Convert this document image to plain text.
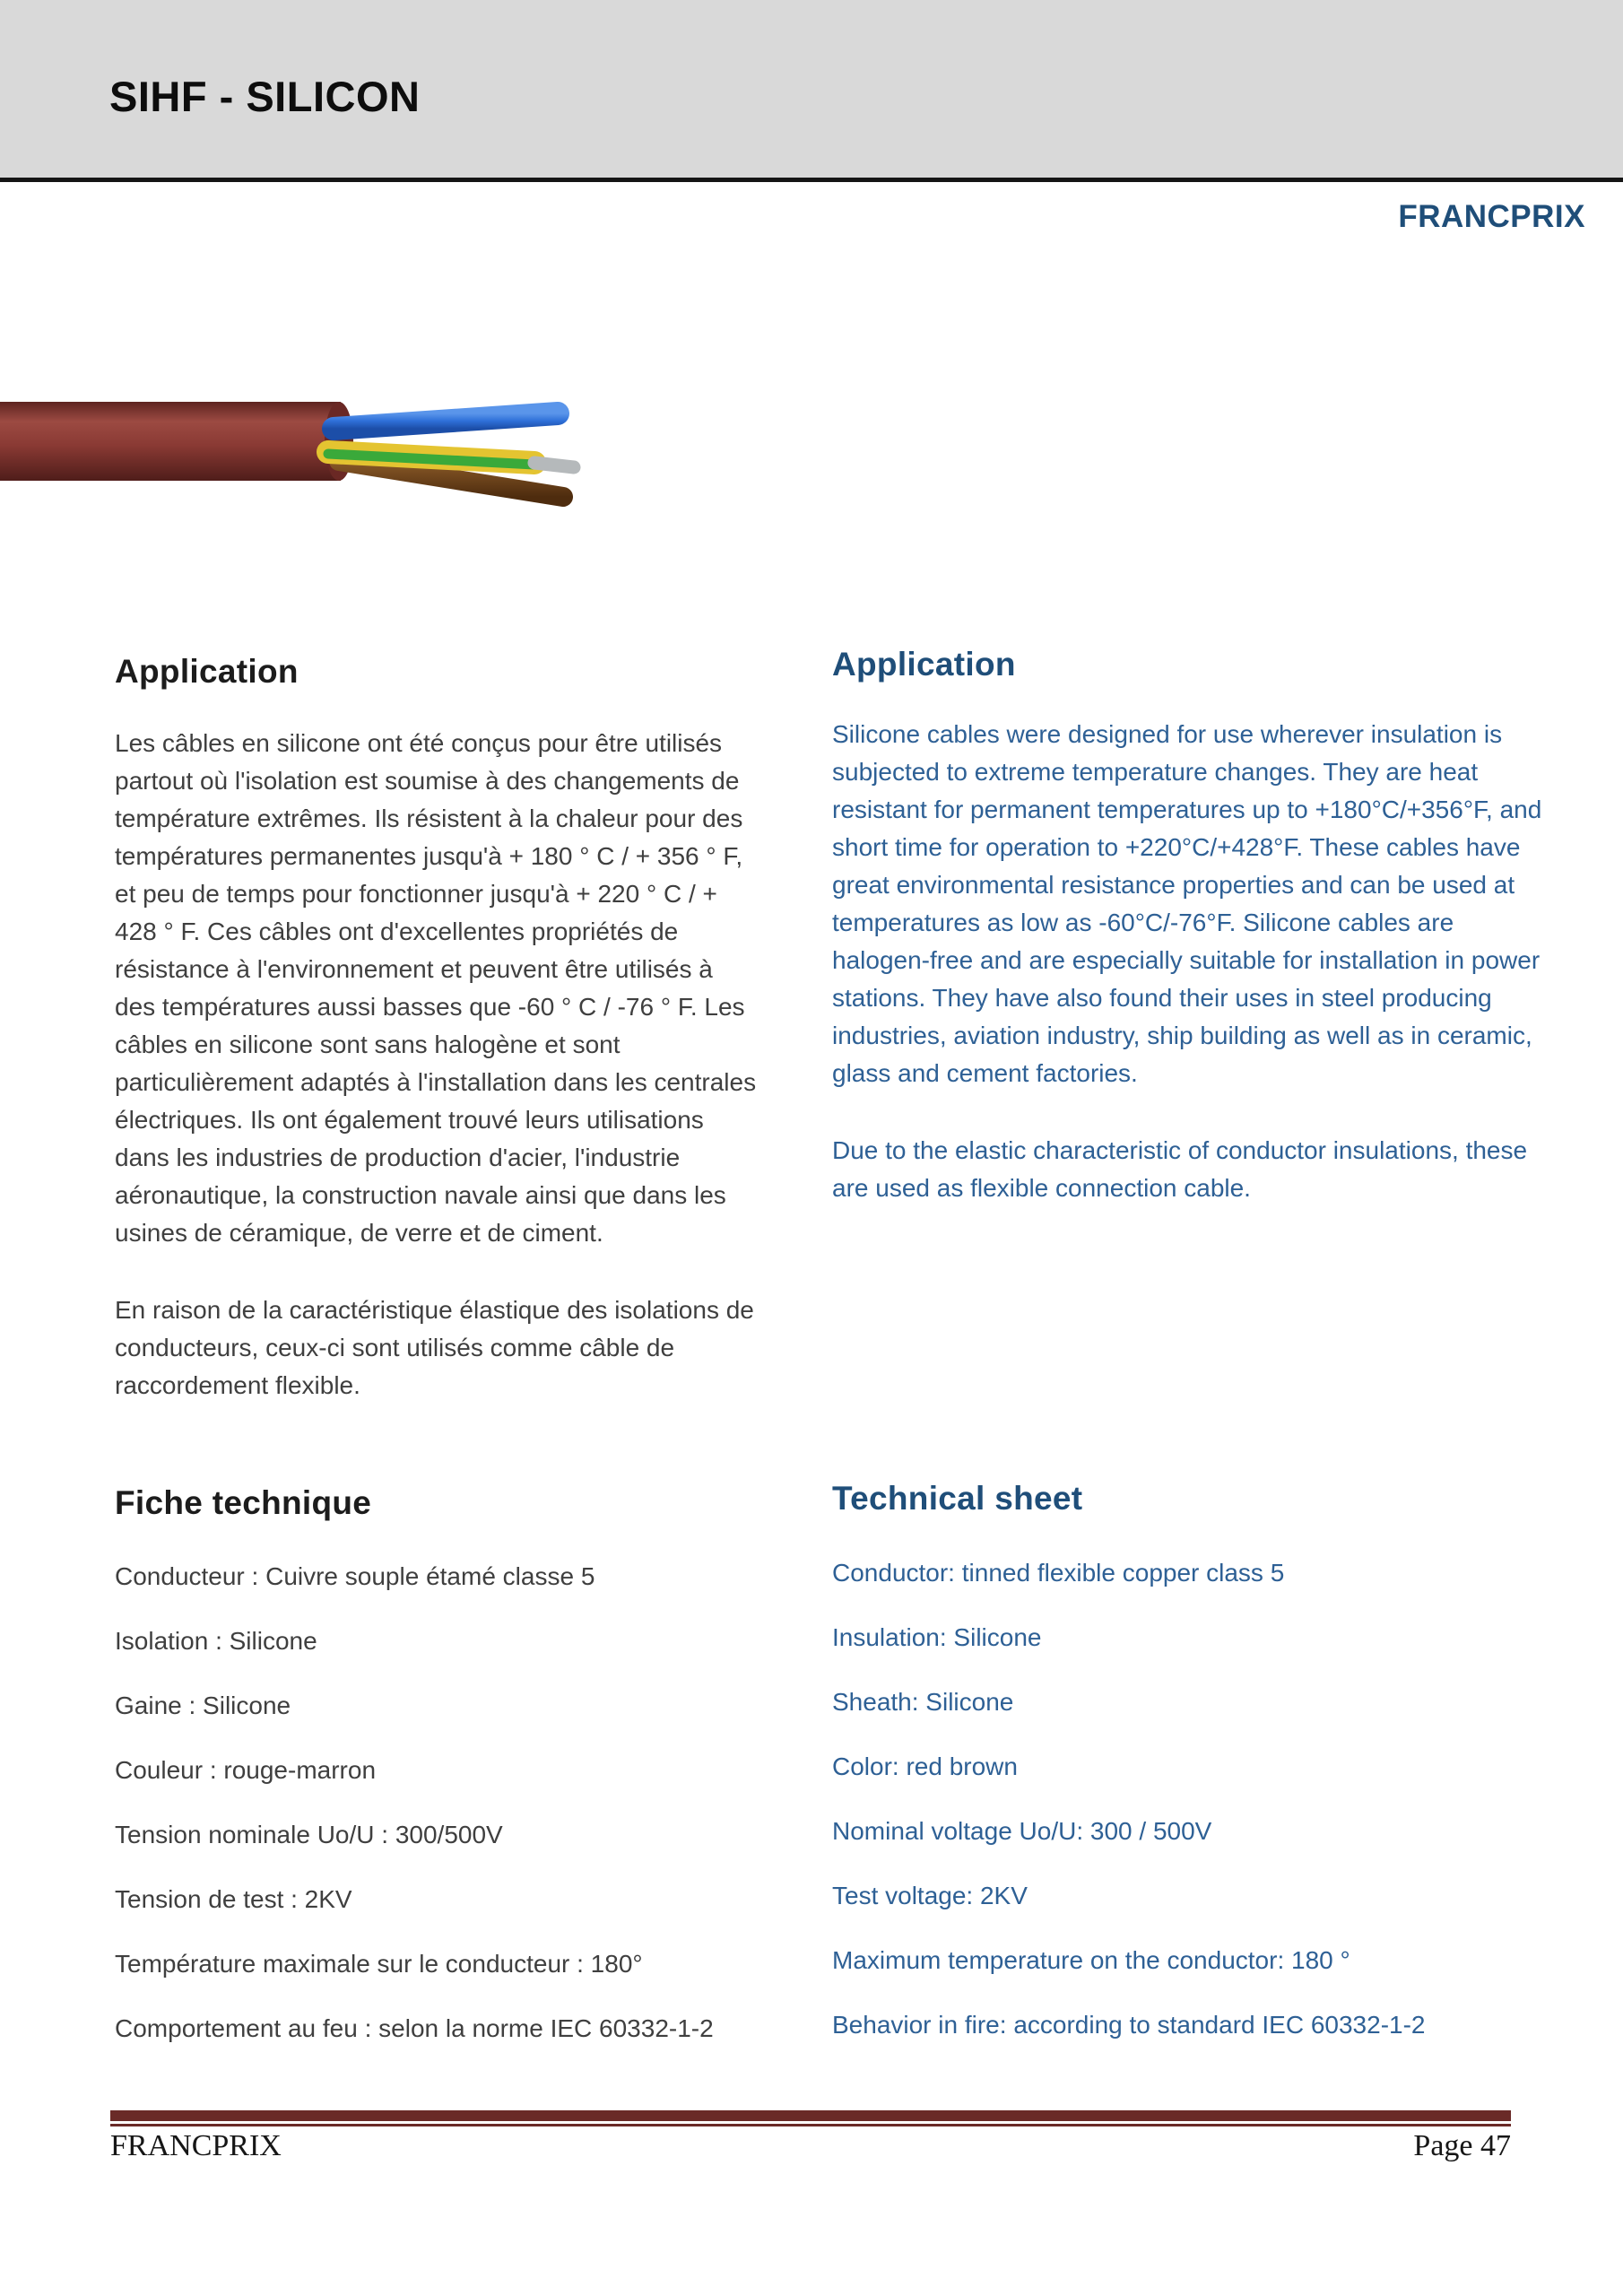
SIHF - SILICON
FRANCPRIX
Application

Les câbles en silicone ont été conçus pour être utilisés partout où l'isolation est soumise à des changements de température extrêmes. Ils résistent à la chaleur pour des températures permanentes jusqu'à + 180 ° C / + 356 ° F, et peu de temps pour fonctionner jusqu'à + 220 ° C / + 428 ° F. Ces câbles ont d'excellentes propriétés de résistance à l'environnement et peuvent être utilisés à des températures aussi basses que -60 ° C / -76 ° F. Les câbles en silicone sont sans halogène et sont particulièrement adaptés à l'installation dans les centrales électriques. Ils ont également trouvé leurs utilisations dans les industries de production d'acier, l'industrie aéronautique, la construction navale ainsi que dans les usines de céramique, de verre et de ciment.

En raison de la caractéristique élastique des isolations de conducteurs, ceux-ci sont utilisés comme câble de raccordement flexible.

Application

Silicone cables were designed for use wherever insulation is subjected to extreme temperature changes. They are heat resistant for permanent temperatures up to +180°C/+356°F, and short time for operation to +220°C/+428°F. These cables have great environmental resistance properties and can be used at temperatures as low as -60°C/-76°F. Silicone cables are halogen-free and are especially suitable for installation in power stations. They have also found their uses in steel producing industries, aviation industry, ship building as well as in ceramic, glass and cement factories.

Due to the elastic characteristic of conductor insulations, these are used as flexible connection cable.

Fiche technique
Conducteur : Cuivre souple étamé classe 5
Isolation : Silicone
Gaine : Silicone
Couleur : rouge-marron
Tension nominale Uo/U : 300/500V
Tension de test : 2KV
Température maximale sur le conducteur : 180°
Comportement au feu : selon la norme IEC 60332-1-2
Technical sheet
Conductor: tinned flexible copper class 5
Insulation: Silicone
Sheath: Silicone
Color: red brown
Nominal voltage Uo/U: 300 / 500V
Test voltage: 2KV
Maximum temperature on the conductor: 180 °
Behavior in fire: according to standard IEC 60332-1-2
FRANCPRIX	Page 47
